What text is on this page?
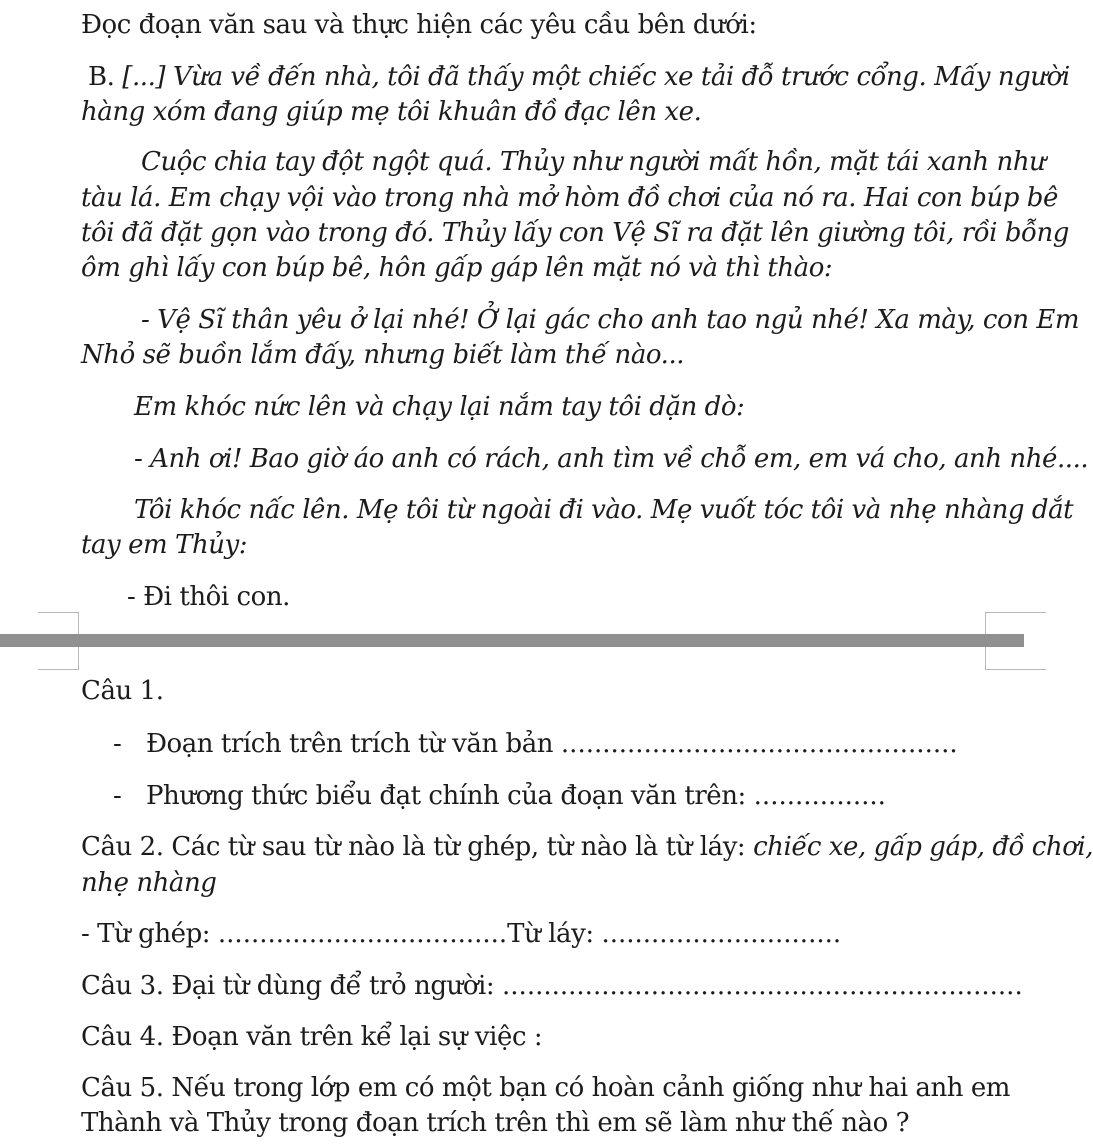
Đọc đoạn văn sau và thực hiện các yêu cầu bên dưới:
B. [...] Vừa về đến nhà, tôi đã thấy một chiếc xe tải đỗ trước cổng. Mấy người
hàng xóm đang giúp mẹ tôi khuân đồ đạc lên xe.
Cuộc chia tay đột ngột quá. Thủy như người mất hồn, mặt tái xanh như
tàu lá. Em chạy vội vào trong nhà mở hòm đồ chơi của nó ra. Hai con búp bê
tôi đã đặt gọn vào trong đó. Thủy lấy con Vệ Sĩ ra đặt lên giường tôi, rồi bỗng
ôm ghì lấy con búp bê, hôn gấp gáp lên mặt nó và thì thào:
- Vệ Sĩ thân yêu ở lại nhé! Ở lại gác cho anh tao ngủ nhé! Xa mày, con Em
Nhỏ sẽ buồn lắm đấy, nhưng biết làm thế nào...
Em khóc nức lên và chạy lại nắm tay tôi dặn dò:
- Anh ơi! Bao giờ áo anh có rách, anh tìm về chỗ em, em vá cho, anh nhé....
Tôi khóc nấc lên. Mẹ tôi từ ngoài đi vào. Mẹ vuốt tóc tôi và nhẹ nhàng dắt
tay em Thủy:
- Đi thôi con.
Câu 1.
- Đoạn trích trên trích từ văn bản ................................................
- Phương thức biểu đạt chính của đoạn văn trên: ................
Câu 2. Các từ sau từ nào là từ ghép, từ nào là từ láy: chiếc xe, gấp gáp, đồ chơi,
nhẹ nhàng
- Từ ghép: ...................................Từ láy: .............................
Câu 3. Đại từ dùng để trỏ người: ...............................................................
Câu 4. Đoạn văn trên kể lại sự việc :
Câu 5. Nếu trong lớp em có một bạn có hoàn cảnh giống như hai anh em
Thành và Thủy trong đoạn trích trên thì em sẽ làm như thế nào ?
